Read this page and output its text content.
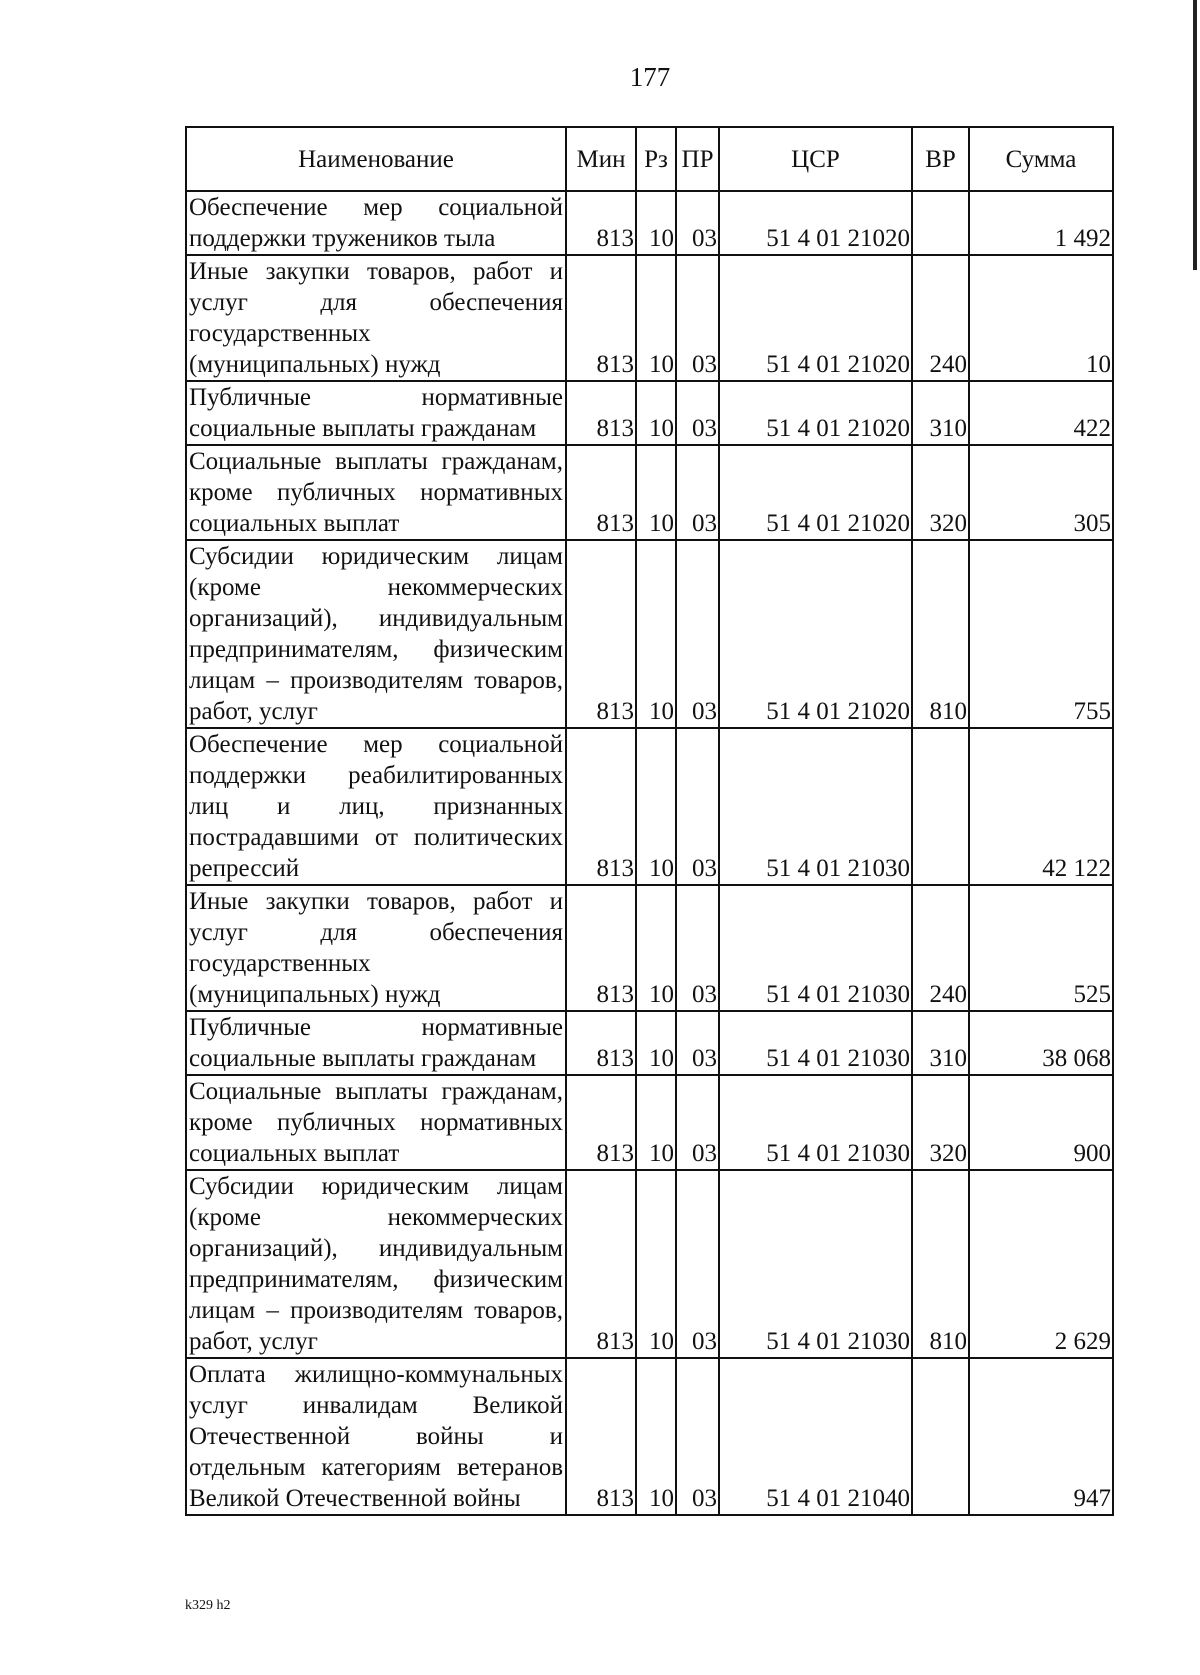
177
Наименование	Мин	Рз	ПР	ЦСР	ВР	Сумма
Обеспечение мер социальной поддержки тружеников тыла	813	10	03	51 4 01 21020		1 492
Иные закупки товаров, работ и услуг для обеспечения государственных (муниципальных) нужд	813	10	03	51 4 01 21020	240	10
Публичные нормативные социальные выплаты гражданам	813	10	03	51 4 01 21020	310	422
Социальные выплаты гражданам, кроме публичных нормативных социальных выплат	813	10	03	51 4 01 21020	320	305
Субсидии юридическим лицам (кроме некоммерческих организаций), индивидуальным предпринимателям, физическим лицам – производителям товаров, работ, услуг	813	10	03	51 4 01 21020	810	755
Обеспечение мер социальной поддержки реабилитированных лиц и лиц, признанных пострадавшими от политических репрессий	813	10	03	51 4 01 21030		42 122
Иные закупки товаров, работ и услуг для обеспечения государственных (муниципальных) нужд	813	10	03	51 4 01 21030	240	525
Публичные нормативные социальные выплаты гражданам	813	10	03	51 4 01 21030	310	38 068
Социальные выплаты гражданам, кроме публичных нормативных социальных выплат	813	10	03	51 4 01 21030	320	900
Субсидии юридическим лицам (кроме некоммерческих организаций), индивидуальным предпринимателям, физическим лицам – производителям товаров, работ, услуг	813	10	03	51 4 01 21030	810	2 629
Оплата жилищно-коммунальных услуг инвалидам Великой Отечественной войны и отдельным категориям ветеранов Великой Отечественной войны	813	10	03	51 4 01 21040		947
k329 h2
